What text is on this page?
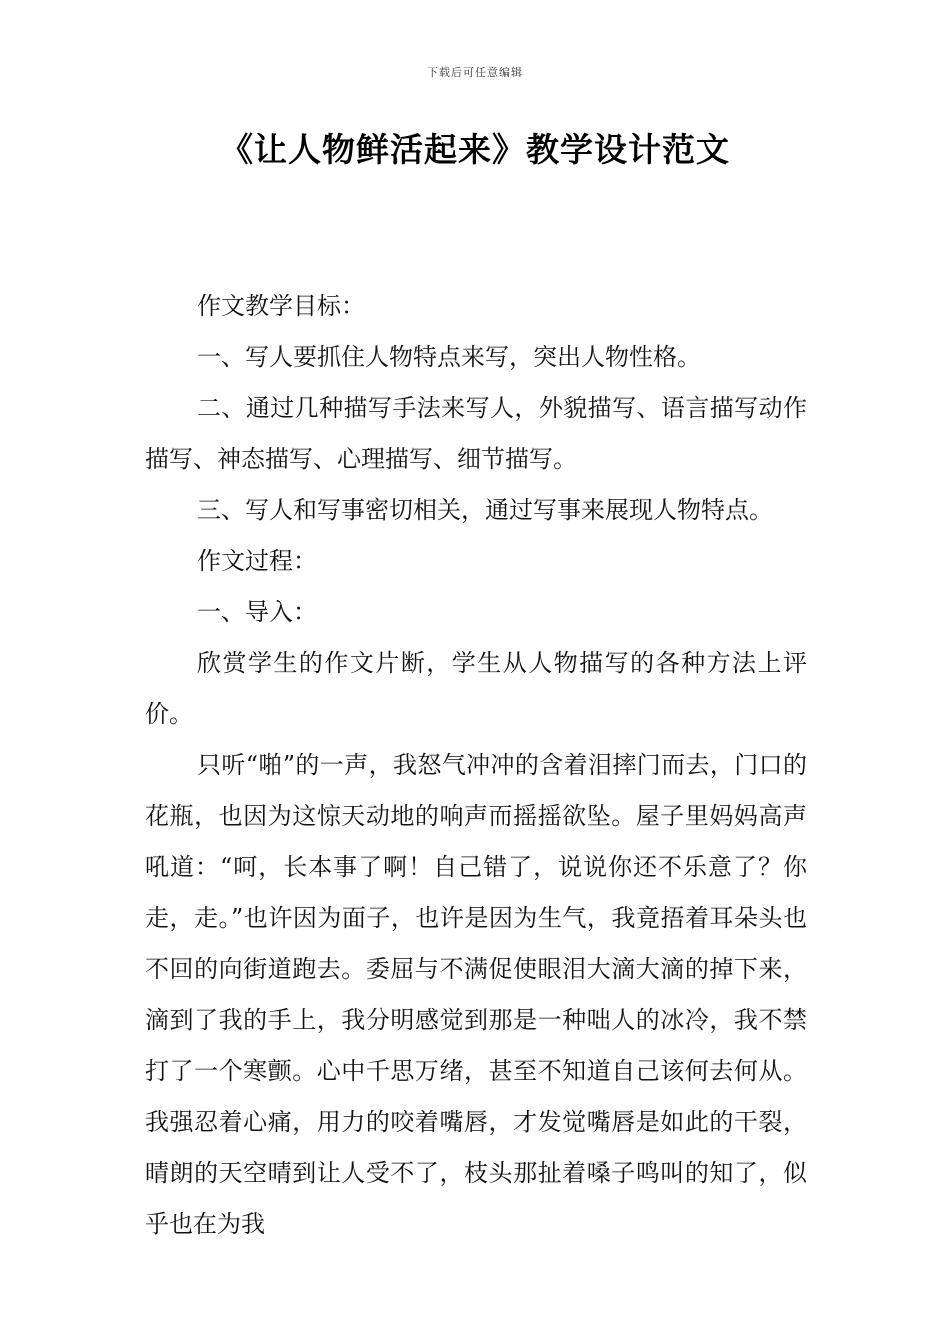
下载后可任意编辑
《让人物鲜活起来》教学设计范文

作文教学目标：

一、写人要抓住人物特点来写，突出人物性格。

二、通过几种描写手法来写人，外貌描写、语言描写动作描写、神态描写、心理描写、细节描写。

三、写人和写事密切相关，通过写事来展现人物特点。

作文过程：

一、导入：

欣赏学生的作文片断，学生从人物描写的各种方法上评价。

只听“啪”的一声，我怒气冲冲的含着泪摔门而去，门口的花瓶，也因为这惊天动地的响声而摇摇欲坠。屋子里妈妈高声吼道：“呵，长本事了啊！自己错了，说说你还不乐意了？你走，走。”也许因为面子，也许是因为生气，我竟捂着耳朵头也不回的向街道跑去。委屈与不满促使眼泪大滴大滴的掉下来，滴到了我的手上，我分明感觉到那是一种咄人的冰冷，我不禁打了一个寒颤。心中千思万绪，甚至不知道自己该何去何从。我强忍着心痛，用力的咬着嘴唇，才发觉嘴唇是如此的干裂，晴朗的天空晴到让人受不了，枝头那扯着嗓子鸣叫的知了，似乎也在为我
